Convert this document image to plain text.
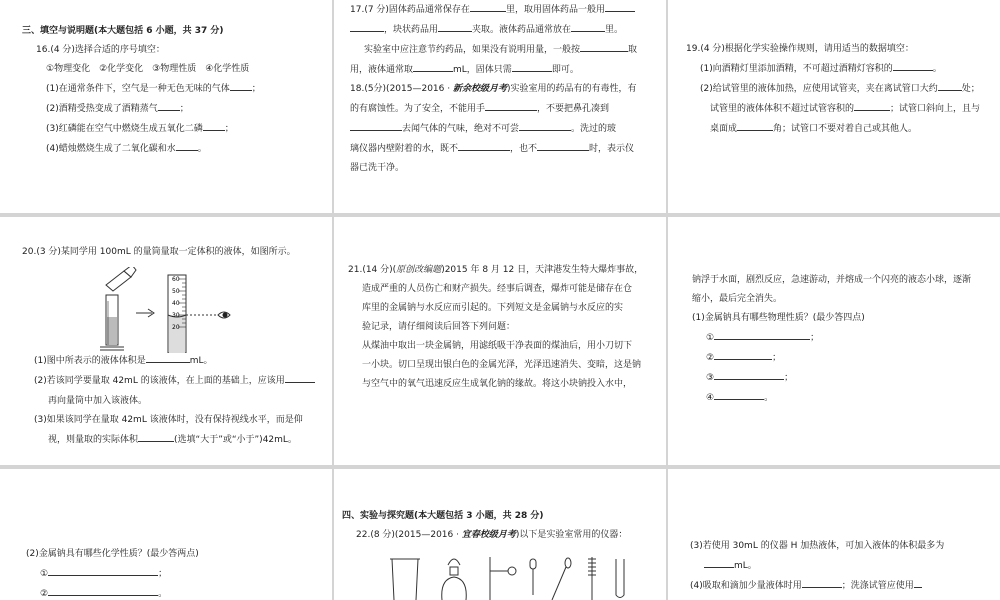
三、填空与说明题(本大题包括 6 小题，共 37 分)

16.(4 分)选择合适的序号填空：

①物理变化　②化学变化　③物理性质　④化学性质

(1)在通常条件下，空气是一种无色无味的气体 ；

(2)酒精受热变成了酒精蒸气 ；

(3)红磷能在空气中燃烧生成五氧化二磷 ；

(4)蜡烛燃烧生成了二氧化碳和水 。

17.(7 分)固体药品通常保存在	里，取用固体药品一般用

，块状药品用	夹取。液体药品通常放在	里。

实验室中应注意节约药品，如果没有说明用量，一般按	取

用，液体通常取	mL，固体只需	即可。

18.(5分)(2015—2016 · 新余校级月考)实验室用的药品有的有毒性，有

的有腐蚀性。为了安全，不能用手	，不要把鼻孔凑到

去闻气体的气味，绝对不可尝	。洗过的玻

璃仪器内壁附着的水，既不	，也不	时，表示仪

器已洗干净。

19.(4 分)根据化学实验操作规则，请用适当的数据填空：

(1)向酒精灯里添加酒精，不可超过酒精灯容积的	。

(2)给试管里的液体加热，应使用试管夹，夹在离试管口大约	处；

试管里的液体体积不超过试管容积的	；试管口斜向上，且与

桌面成	角；试管口不要对着自己或其他人。

20.(3 分)某同学用 100mL 的量筒量取一定体积的液体，如图所示。

60
50
40
30
20

(1)图中所表示的液体体积是	mL。

(2)若该同学要量取 42mL 的该液体，在上面的基础上，应该用

再向量筒中加入该液体。

(3)如果该同学在量取 42mL 该液体时，没有保持视线水平，而是仰

视，则量取的实际体积	(选填“大于”或“小于”)42mL。

21.(14 分)(原创改编题)2015 年 8 月 12 日，天津港发生特大爆炸事故，

造成严重的人员伤亡和财产损失。经事后调查，爆炸可能是储存在仓

库里的金属钠与水反应而引起的。下列短文是金属钠与水反应的实

验记录，请仔细阅读后回答下列问题：

从煤油中取出一块金属钠，用滤纸吸干净表面的煤油后，用小刀切下

一小块。切口呈现出银白色的金属光泽，光泽迅速消失、变暗，这是钠

与空气中的氧气迅速反应生成氧化钠的缘故。将这小块钠投入水中，

钠浮于水面，剧烈反应，急速游动，并熔成一个闪亮的液态小球，逐渐

缩小，最后完全消失。

(1)金属钠具有哪些物理性质？(最少答四点)

①	；

②	；

③	；

④	。

(2)金属钠具有哪些化学性质？(最少答两点)

①	；

②	。

四、实验与探究题(本大题包括 3 小题，共 28 分)

22.(8 分)(2015—2016 · 宜春校级月考)以下是实验室常用的仪器：

(3)若使用 30mL 的仪器 H 加热液体，可加入液体的体积最多为

mL。

(4)吸取和滴加少量液体时用	；洗涤试管应使用
